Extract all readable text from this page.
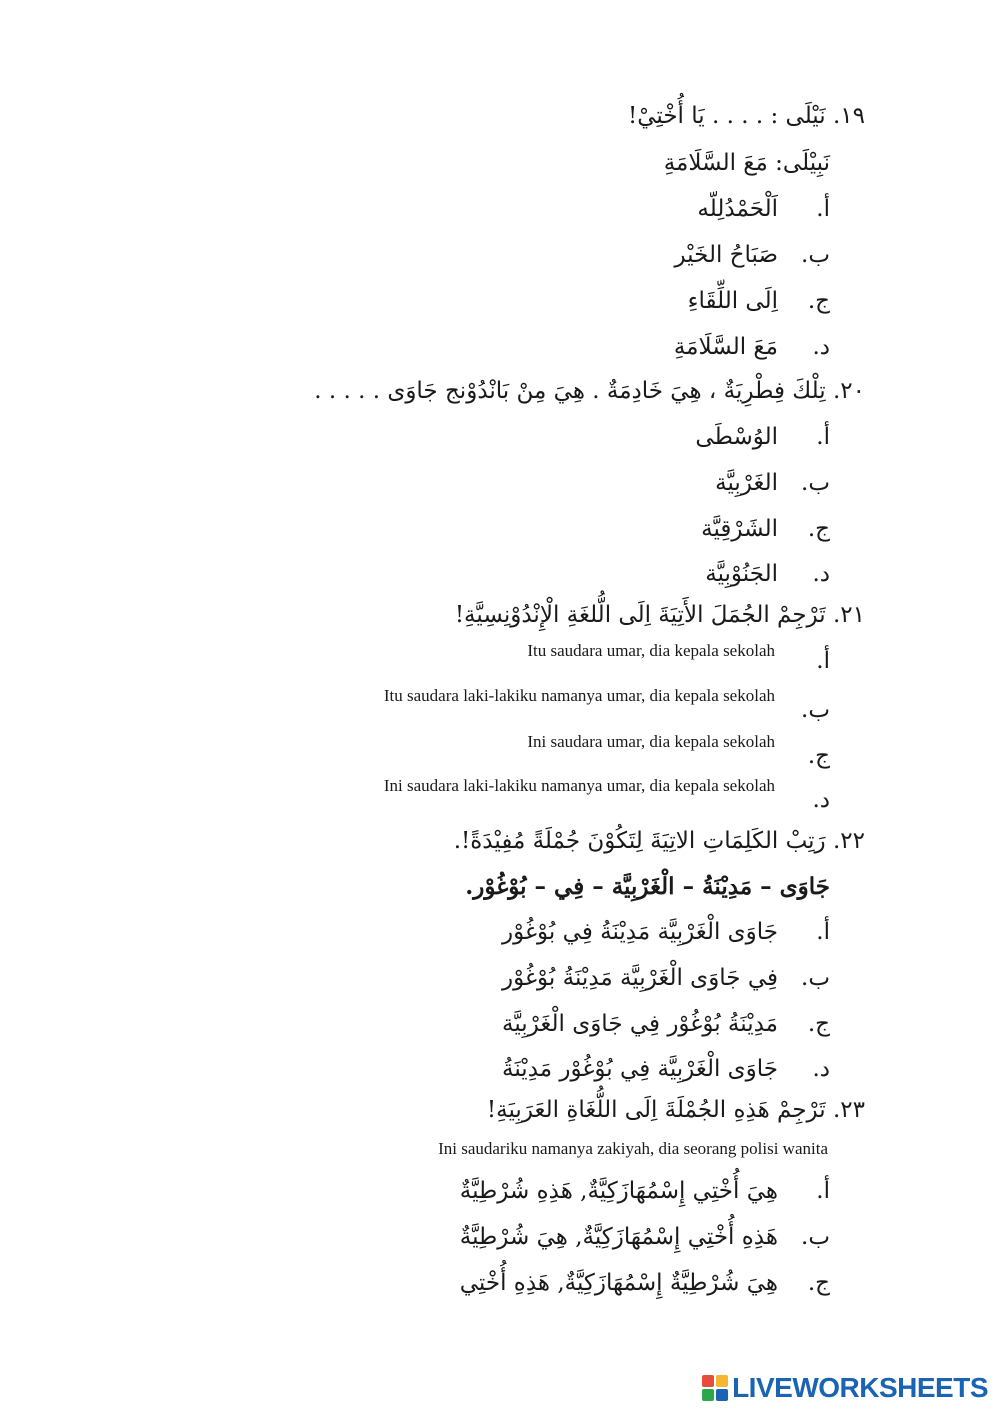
١٩. نَيْلَى : . . . . يَا أُخْتِيْ!
نَبِيْلَى: مَعَ السَّلَامَةِ
أ.
اَلْحَمْدُلِلّه
ب.
صَبَاحُ الخَيْر
ج.
اِلَى اللِّقَاءِ
د.
مَعَ السَّلَامَةِ
٢٠. تِلْكَ فِطْرِيَةٌ ، هِيَ خَادِمَةٌ . هِيَ مِنْ بَانْدُوْنج جَاوَى . . . . .
أ.
الوُسْطَى
ب.
الغَرْبِيَّة
ج.
الشَرْقِيَّة
د.
الجَنُوْبِيَّة
٢١. تَرْجِمْ الجُمَلَ الأَتِيَةَ اِلَى الُّلغَةِ الْإِنْدُوْنِسِيَّةِ!
أ.
Itu saudara umar, dia kepala sekolah
ب.
Itu saudara laki-lakiku namanya umar, dia kepala sekolah
ج.
Ini saudara umar, dia kepala sekolah
د.
Ini saudara laki-lakiku namanya umar, dia kepala sekolah
٢٢. رَتِبْ الكَلِمَاتِ الاتِيَةَ لِتَكُوْنَ جُمْلَةً مُفِيْدَةً!.
جَاوَى – مَدِيْنَةُ – الْغَرْبِيَّة – فِي – بُوْغُوْر.
أ.
جَاوَى الْغَرْبِيَّة مَدِيْنَةُ فِي بُوْغُوْر
ب.
فِي جَاوَى الْغَرْبِيَّة مَدِيْنَةُ بُوْغُوْر
ج.
مَدِيْنَةُ بُوْغُوْر فِي جَاوَى الْغَرْبِيَّة
د.
جَاوَى الْغَرْبِيَّة فِي بُوْغُوْر مَدِيْنَةُ
٢٣. تَرْجِمْ هَذِهِ الجُمْلَةَ اِلَى اللُّغَاةِ العَرَبِيَةِ!
Ini saudariku namanya zakiyah, dia seorang polisi wanita
أ.
هِيَ أُخْتِي إِسْمُهَازَكِيَّةٌ, هَذِهِ شُرْطِيَّةٌ
ب.
هَذِهِ أُخْتِي إِسْمُهَازَكِيَّةٌ, هِيَ شُرْطِيَّةٌ
ج.
هِيَ شُرْطِيَّةٌ إِسْمُهَازَكِيَّةٌ, هَذِهِ أُخْتِي
LIVEWORKSHEETS
